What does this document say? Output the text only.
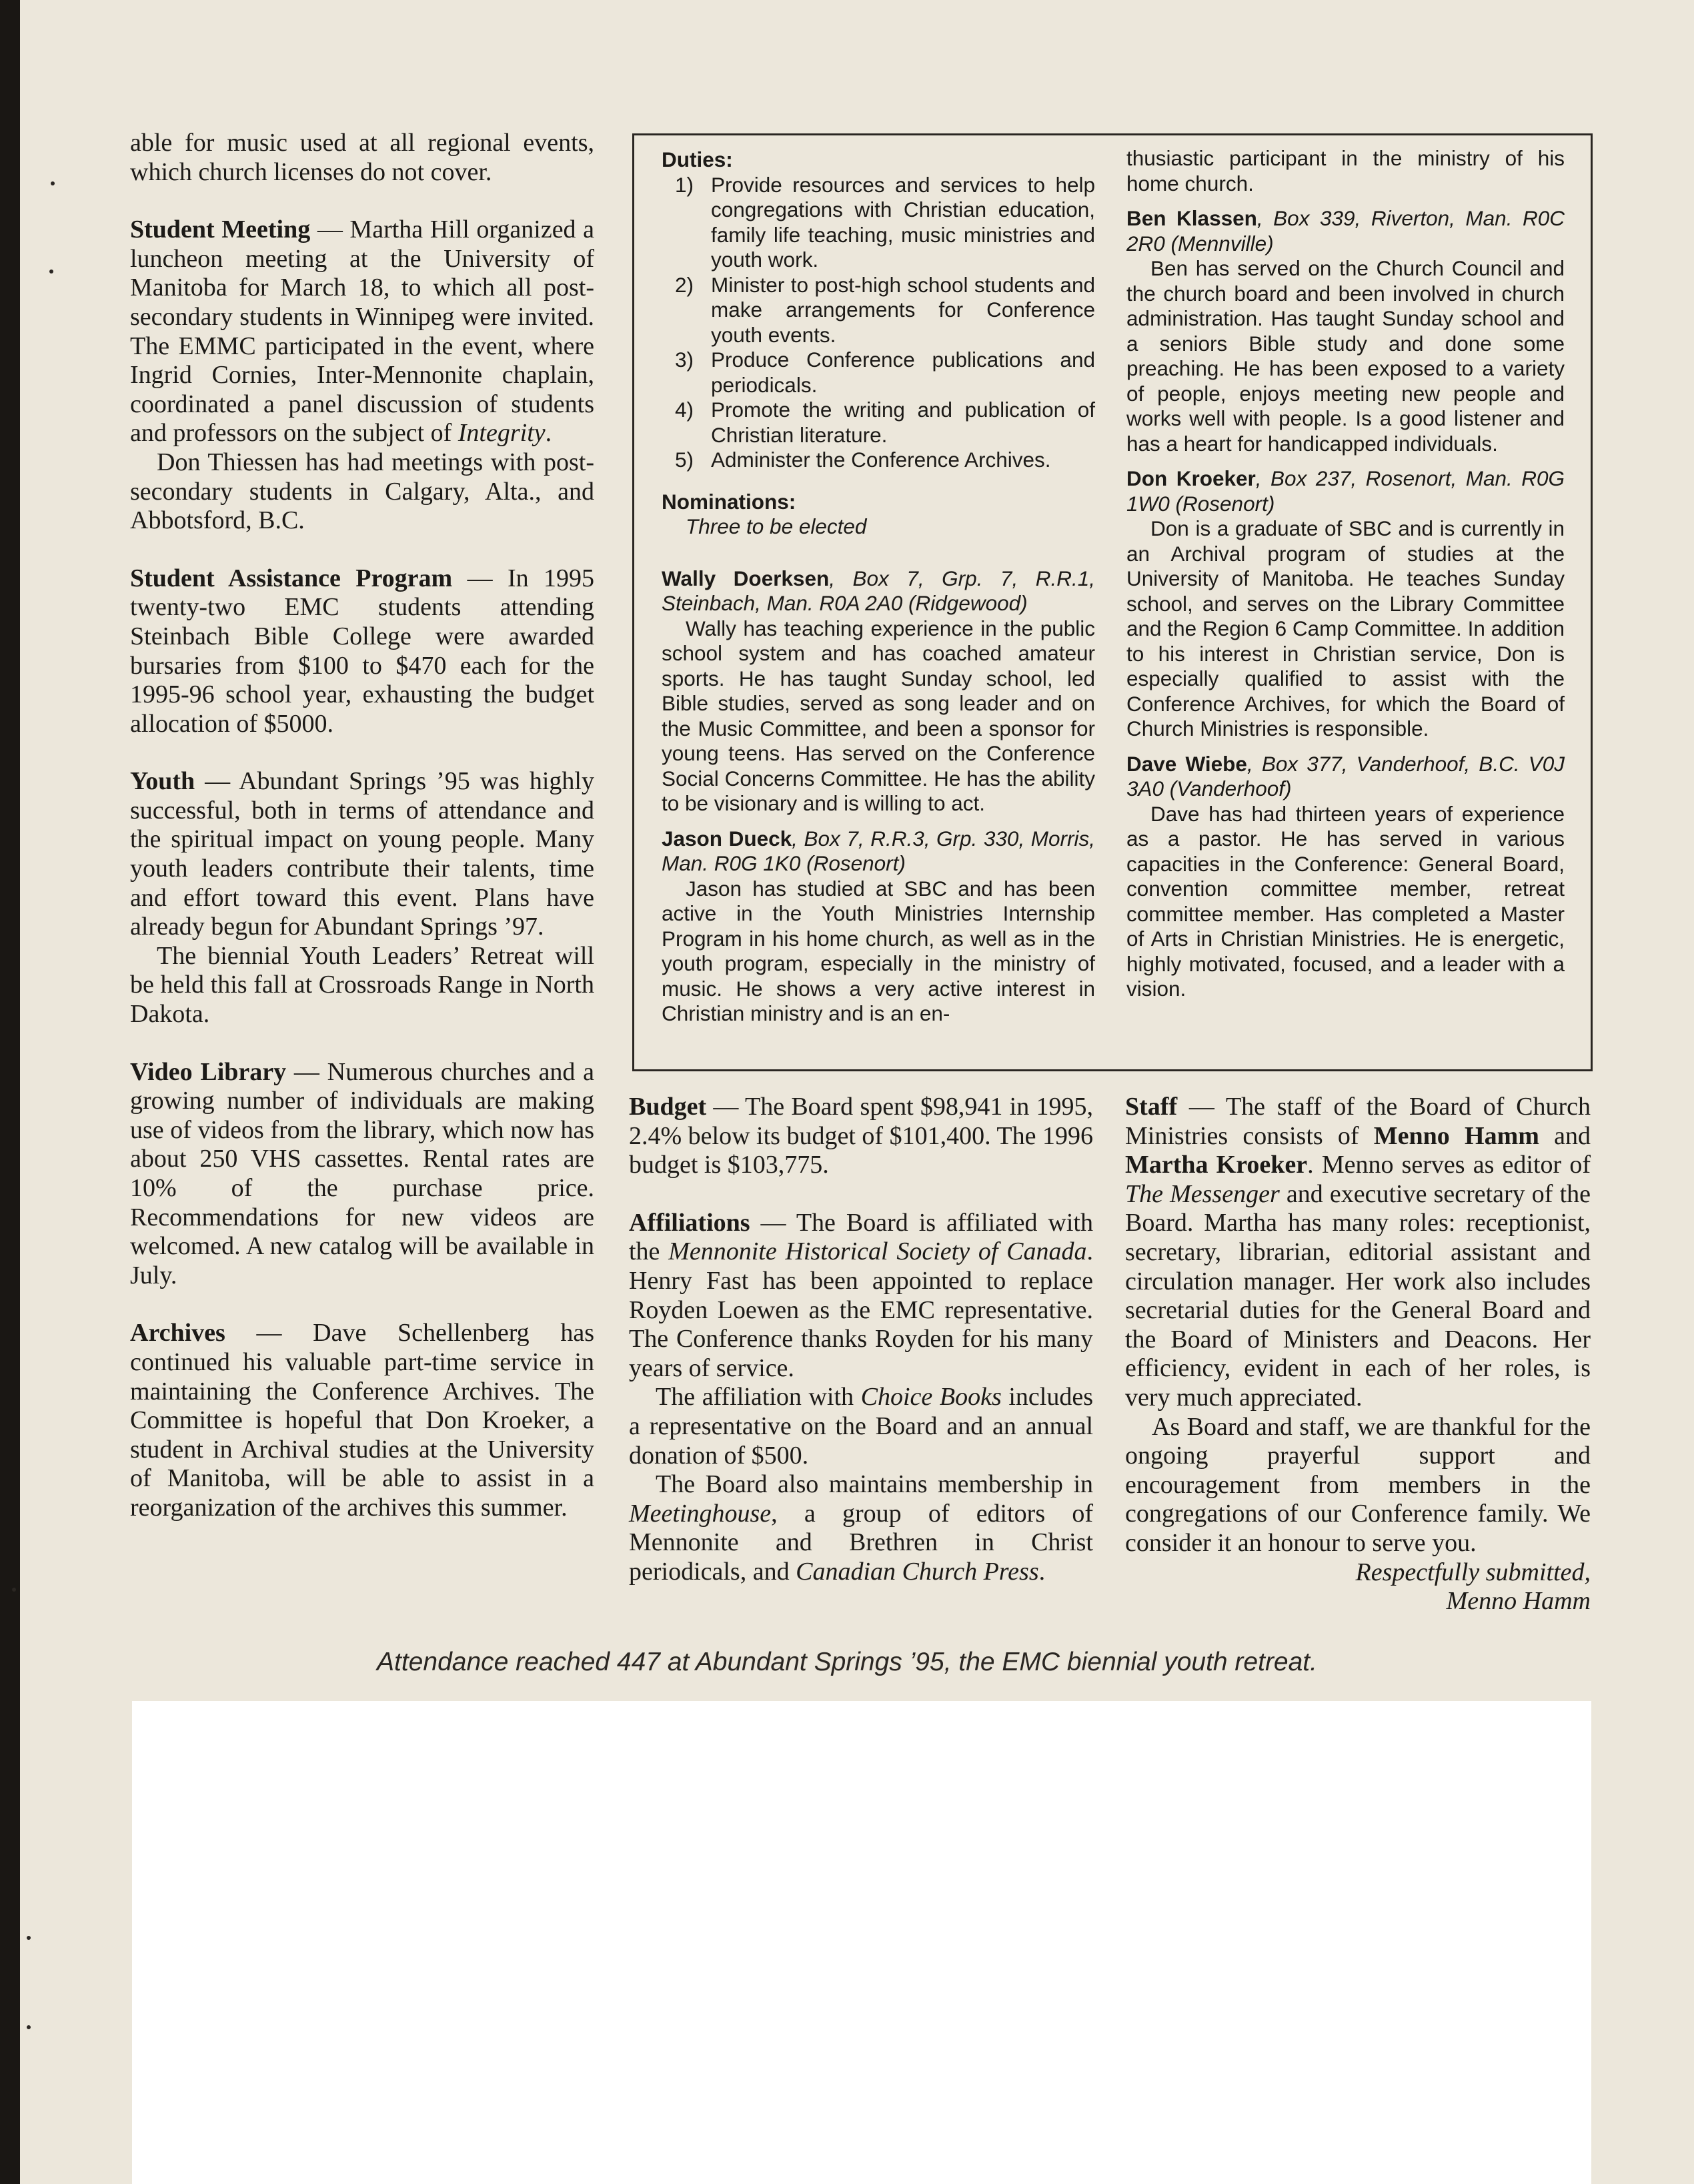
able for music used at all regional events, which church licenses do not cover.

Student Meeting — Martha Hill organized a luncheon meeting at the University of Manitoba for March 18, to which all post-secondary students in Winnipeg were invited. The EMMC participated in the event, where Ingrid Cornies, Inter-Mennonite chaplain, coordinated a panel discussion of students and professors on the subject of Integrity.

Don Thiessen has had meetings with post-secondary students in Calgary, Alta., and Abbotsford, B.C.

Student Assistance Program — In 1995 twenty-two EMC students attending Steinbach Bible College were awarded bursaries from $100 to $470 each for the 1995-96 school year, exhausting the budget allocation of $5000.

Youth — Abundant Springs ’95 was highly successful, both in terms of attendance and the spiritual impact on young people. Many youth leaders contribute their talents, time and effort toward this event. Plans have already begun for Abundant Springs ’97.

The biennial Youth Leaders’ Retreat will be held this fall at Crossroads Range in North Dakota.

Video Library — Numerous churches and a growing number of individuals are making use of videos from the library, which now has about 250 VHS cassettes. Rental rates are 10% of the purchase price. Recommendations for new videos are welcomed. A new catalog will be available in July.

Archives — Dave Schellenberg has continued his valuable part-time service in maintaining the Conference Archives. The Committee is hopeful that Don Kroeker, a student in Archival studies at the University of Manitoba, will be able to assist in a reorganization of the archives this summer.

Duties:

1) Provide resources and services to help congregations with Christian education, family life teaching, music ministries and youth work.
2) Minister to post-high school students and make arrangements for Conference youth events.
3) Produce Conference publications and periodicals.
4) Promote the writing and publication of Christian literature.
5) Administer the Conference Archives.

Nominations:

Three to be elected

Wally Doerksen, Box 7, Grp. 7, R.R.1, Steinbach, Man. R0A 2A0 (Ridgewood)

Wally has teaching experience in the public school system and has coached amateur sports. He has taught Sunday school, led Bible studies, served as song leader and on the Music Committee, and been a sponsor for young teens. Has served on the Conference Social Concerns Committee. He has the ability to be visionary and is willing to act.

Jason Dueck, Box 7, R.R.3, Grp. 330, Morris, Man. R0G 1K0 (Rosenort)

Jason has studied at SBC and has been active in the Youth Ministries Internship Program in his home church, as well as in the youth program, especially in the ministry of music. He shows a very active interest in Christian ministry and is an en-

thusiastic participant in the ministry of his home church.

Ben Klassen, Box 339, Riverton, Man. R0C 2R0 (Mennville)

Ben has served on the Church Council and the church board and been involved in church administration. Has taught Sunday school and a seniors Bible study and done some preaching. He has been exposed to a variety of people, enjoys meeting new people and works well with people. Is a good listener and has a heart for handicapped individuals.

Don Kroeker, Box 237, Rosenort, Man. R0G 1W0 (Rosenort)

Don is a graduate of SBC and is currently in an Archival program of studies at the University of Manitoba. He teaches Sunday school, and serves on the Library Committee and the Region 6 Camp Committee. In addition to his interest in Christian service, Don is especially qualified to assist with the Conference Archives, for which the Board of Church Ministries is responsible.

Dave Wiebe, Box 377, Vanderhoof, B.C. V0J 3A0 (Vanderhoof)

Dave has had thirteen years of experience as a pastor. He has served in various capacities in the Conference: General Board, convention committee member, retreat committee member. Has completed a Master of Arts in Christian Ministries. He is energetic, highly motivated, focused, and a leader with a vision.

Budget — The Board spent $98,941 in 1995, 2.4% below its budget of $101,400. The 1996 budget is $103,775.

Affiliations — The Board is affiliated with the Mennonite Historical Society of Canada. Henry Fast has been appointed to replace Royden Loewen as the EMC representative. The Conference thanks Royden for his many years of service.

The affiliation with Choice Books includes a representative on the Board and an annual donation of $500.

The Board also maintains membership in Meetinghouse, a group of editors of Mennonite and Brethren in Christ periodicals, and Canadian Church Press.

Staff — The staff of the Board of Church Ministries consists of Menno Hamm and Martha Kroeker. Menno serves as editor of The Messenger and executive secretary of the Board. Martha has many roles: receptionist, secretary, librarian, editorial assistant and circulation manager. Her work also includes secretarial duties for the General Board and the Board of Ministers and Deacons. Her efficiency, evident in each of her roles, is very much appreciated.

As Board and staff, we are thankful for the ongoing prayerful support and encouragement from members in the congregations of our Conference family. We consider it an honour to serve you.

Respectfully submitted,

Menno Hamm

Attendance reached 447 at Abundant Springs ’95, the EMC biennial youth retreat.
